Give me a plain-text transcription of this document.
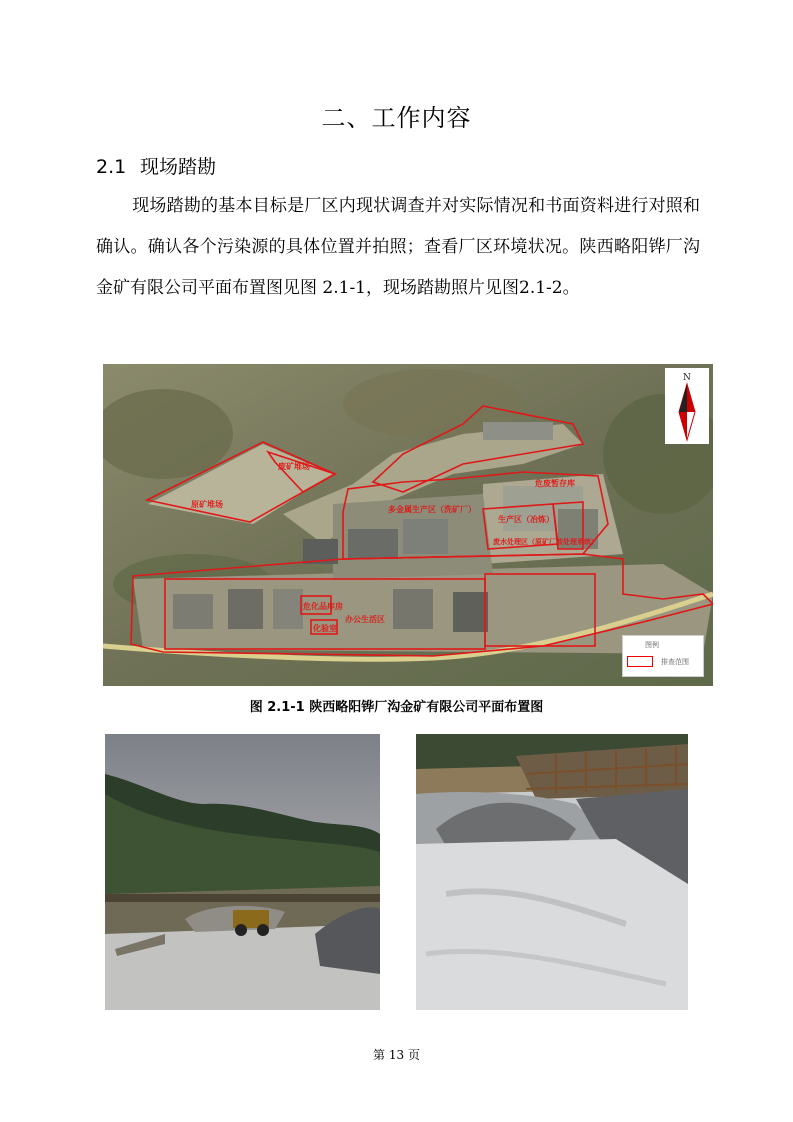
二、工作内容
2.1 现场踏勘
现场踏勘的基本目标是厂区内现状调查并对实际情况和书面资料进行对照和确认。确认各个污染源的具体位置并拍照；查看厂区环境状况。陕西略阳铧厂沟金矿有限公司平面布置图见图 2.1-1，现场踏勘照片见图2.1-2。
原矿堆场
废矿堆场
多金属生产区（洗矿厂）
生产区（冶炼）
废水处理区（原矿厂前处理系统）
危废暂存库
危化品库房
办公生活区
化验室
N
图例
排查范围
图 2.1-1 陕西略阳铧厂沟金矿有限公司平面布置图
第 13 页
